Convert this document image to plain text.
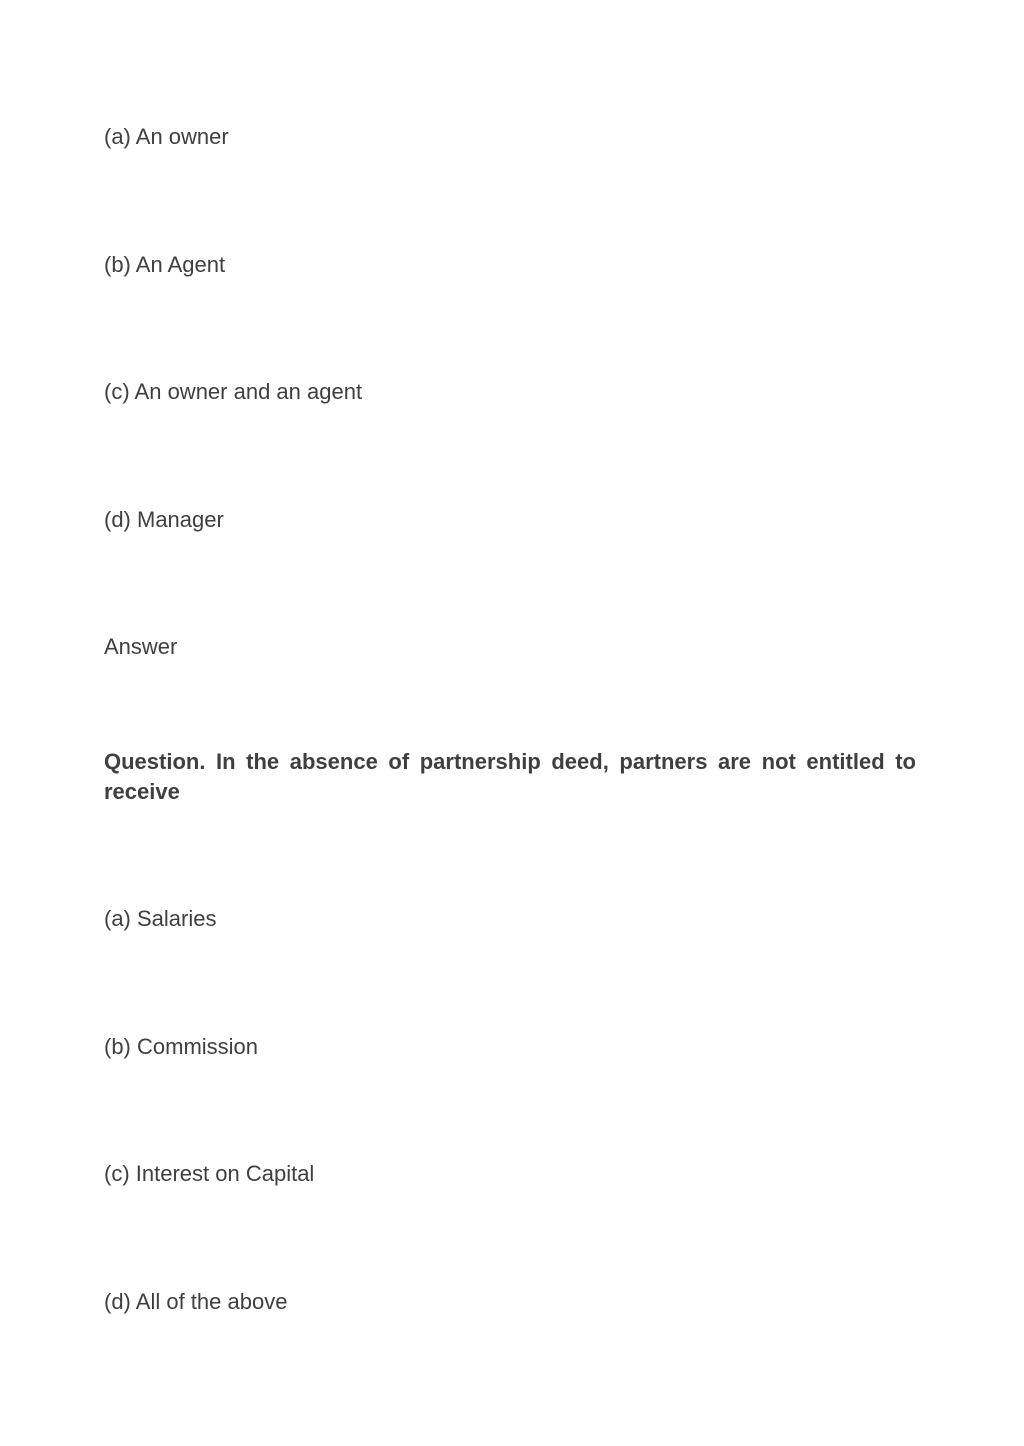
(a) An owner
(b) An Agent
(c) An owner and an agent
(d) Manager
Answer
Question. In the absence of partnership deed, partners are not entitled to receive
(a) Salaries
(b) Commission
(c) Interest on Capital
(d) All of the above
